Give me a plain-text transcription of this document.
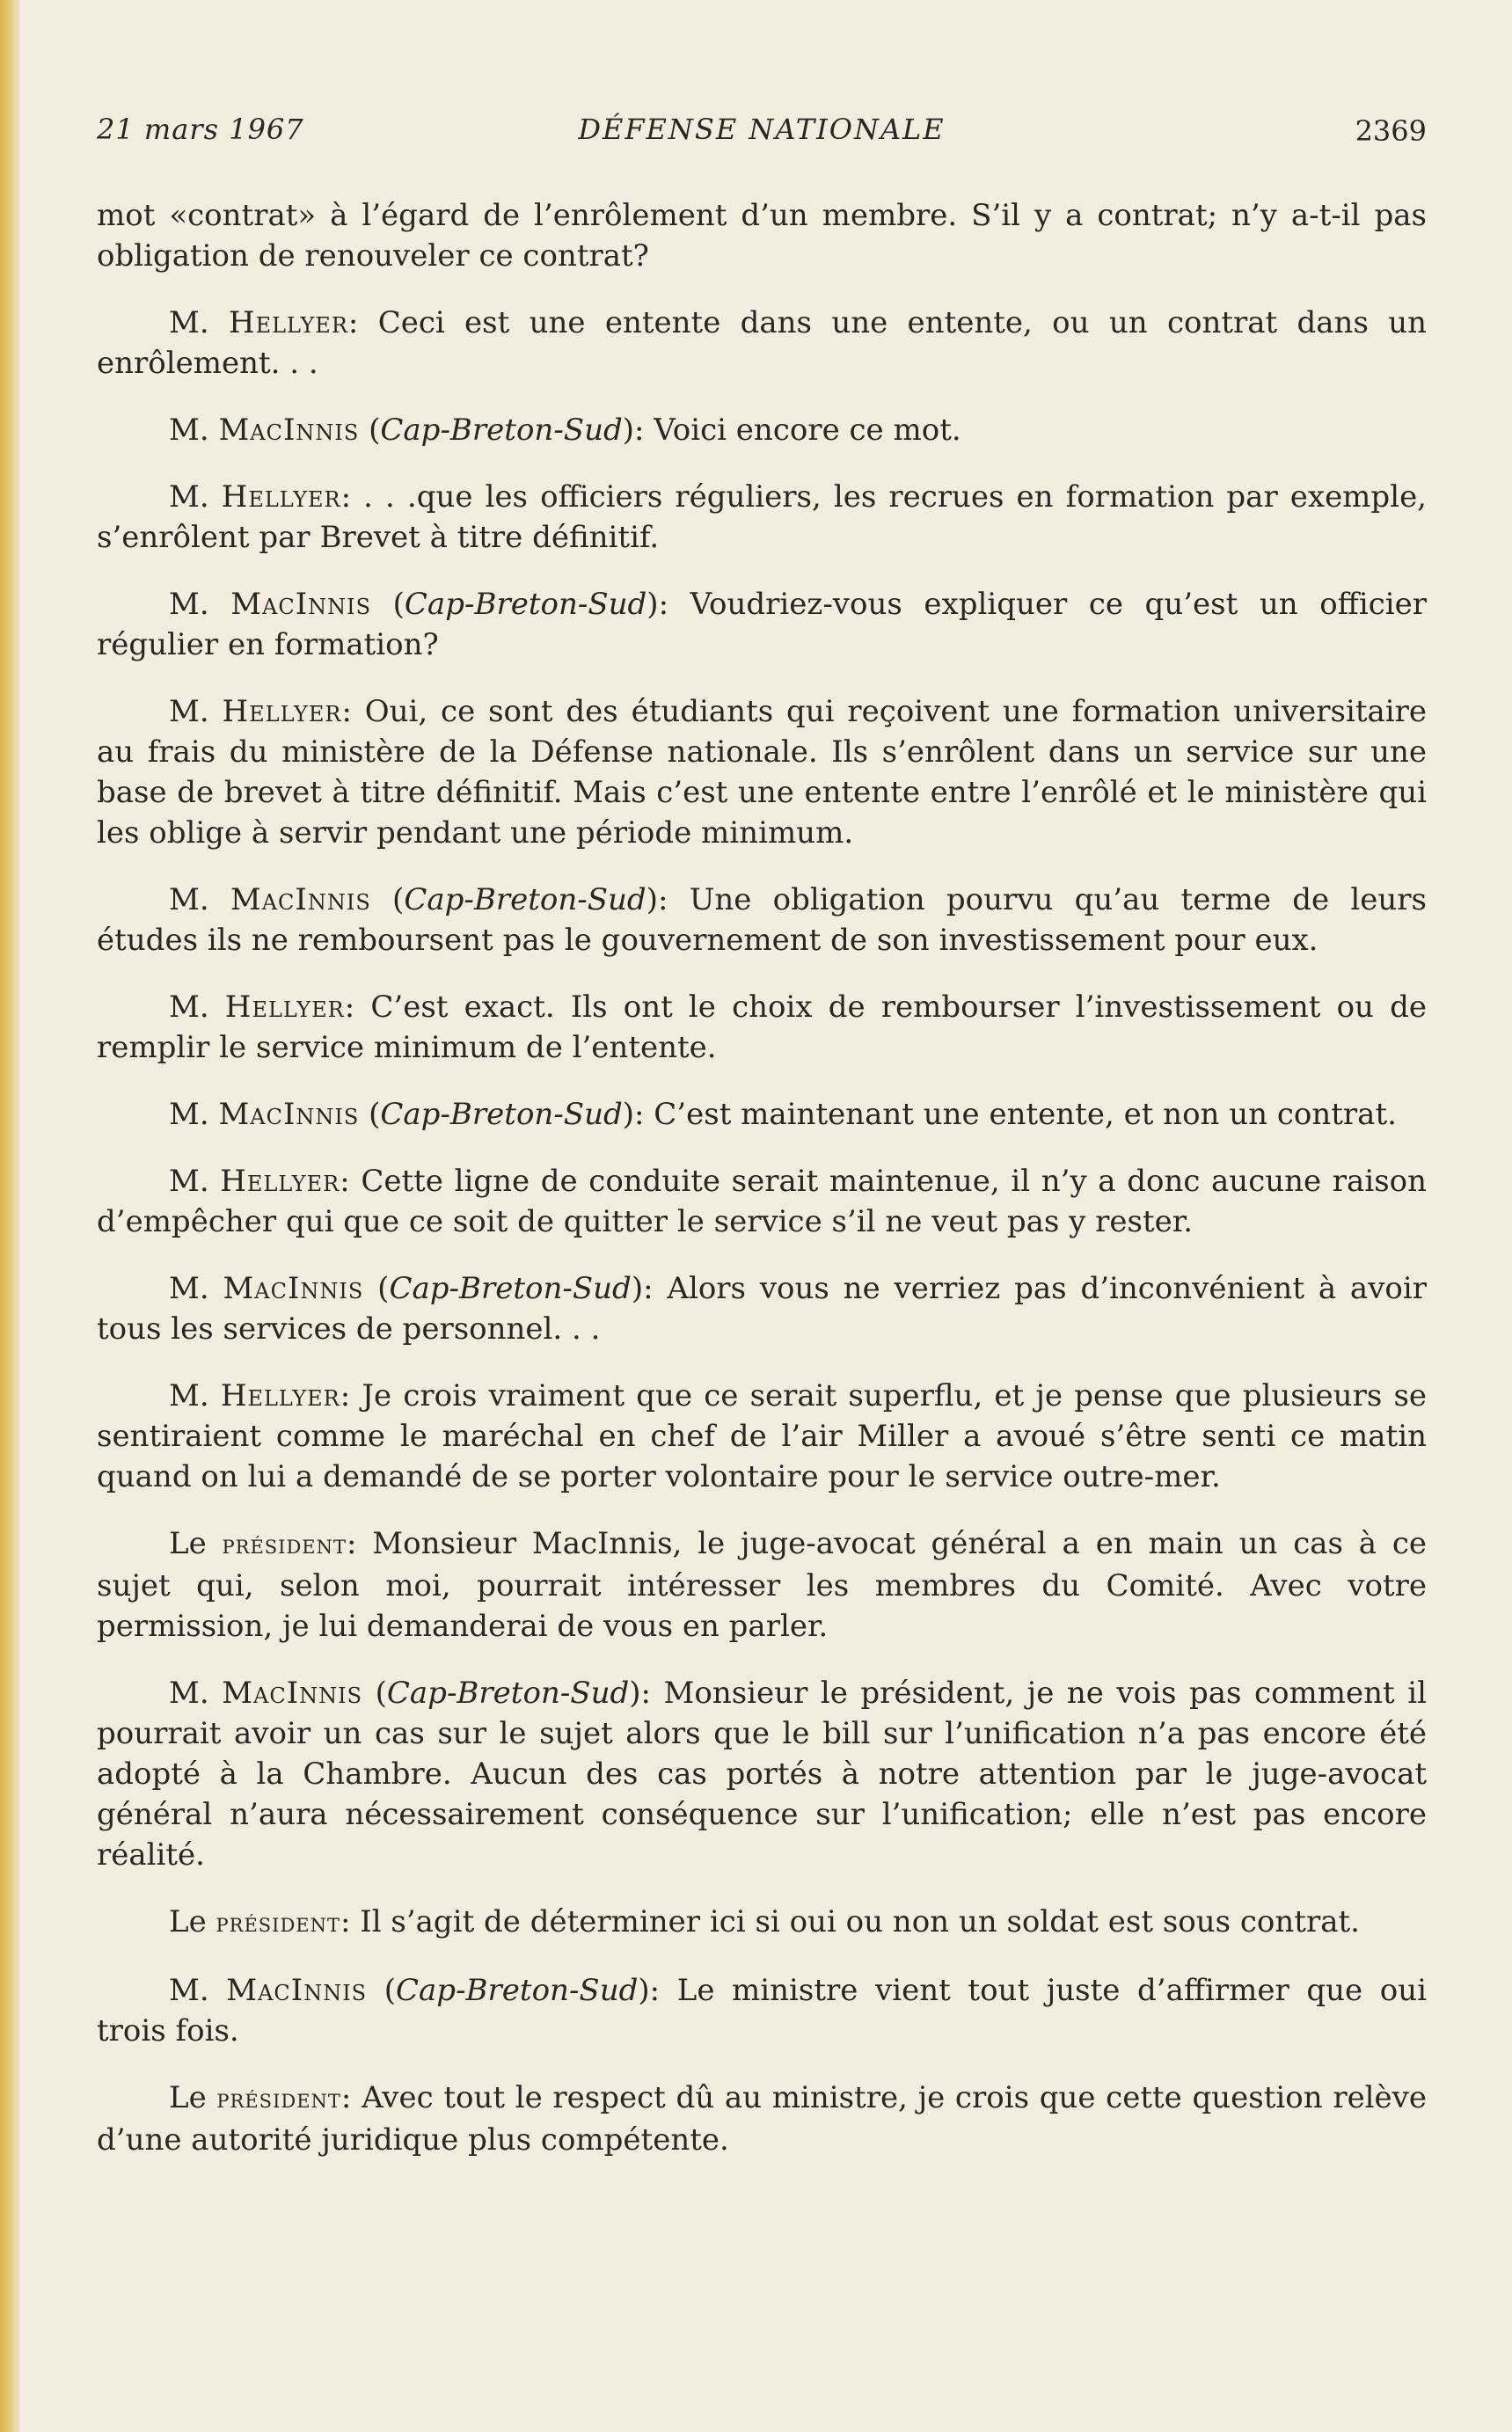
21 mars 1967	DÉFENSE NATIONALE	2369

mot «contrat» à l’égard de l’enrôlement d’un membre. S’il y a contrat; n’y a-t-il pas obligation de renouveler ce contrat?

M. Hellyer: Ceci est une entente dans une entente, ou un contrat dans un enrôlement. . .

M. MacInnis (Cap-Breton-Sud): Voici encore ce mot.

M. Hellyer: . . .que les officiers réguliers, les recrues en formation par exemple, s’enrôlent par Brevet à titre définitif.

M. MacInnis (Cap-Breton-Sud): Voudriez-vous expliquer ce qu’est un officier régulier en formation?

M. Hellyer: Oui, ce sont des étudiants qui reçoivent une formation universitaire au frais du ministère de la Défense nationale. Ils s’enrôlent dans un service sur une base de brevet à titre définitif. Mais c’est une entente entre l’enrôlé et le ministère qui les oblige à servir pendant une période minimum.

M. MacInnis (Cap-Breton-Sud): Une obligation pourvu qu’au terme de leurs études ils ne remboursent pas le gouvernement de son investissement pour eux.

M. Hellyer: C’est exact. Ils ont le choix de rembourser l’investissement ou de remplir le service minimum de l’entente.

M. MacInnis (Cap-Breton-Sud): C’est maintenant une entente, et non un contrat.

M. Hellyer: Cette ligne de conduite serait maintenue, il n’y a donc aucune raison d’empêcher qui que ce soit de quitter le service s’il ne veut pas y rester.

M. MacInnis (Cap-Breton-Sud): Alors vous ne verriez pas d’inconvénient à avoir tous les services de personnel. . .

M. Hellyer: Je crois vraiment que ce serait superflu, et je pense que plusieurs se sentiraient comme le maréchal en chef de l’air Miller a avoué s’être senti ce matin quand on lui a demandé de se porter volontaire pour le service outre-mer.

Le président: Monsieur MacInnis, le juge-avocat général a en main un cas à ce sujet qui, selon moi, pourrait intéresser les membres du Comité. Avec votre permission, je lui demanderai de vous en parler.

M. MacInnis (Cap-Breton-Sud): Monsieur le président, je ne vois pas comment il pourrait avoir un cas sur le sujet alors que le bill sur l’unification n’a pas encore été adopté à la Chambre. Aucun des cas portés à notre attention par le juge-avocat général n’aura nécessairement conséquence sur l’unification; elle n’est pas encore réalité.

Le président: Il s’agit de déterminer ici si oui ou non un soldat est sous contrat.

M. MacInnis (Cap-Breton-Sud): Le ministre vient tout juste d’affirmer que oui trois fois.

Le président: Avec tout le respect dû au ministre, je crois que cette question relève d’une autorité juridique plus compétente.
